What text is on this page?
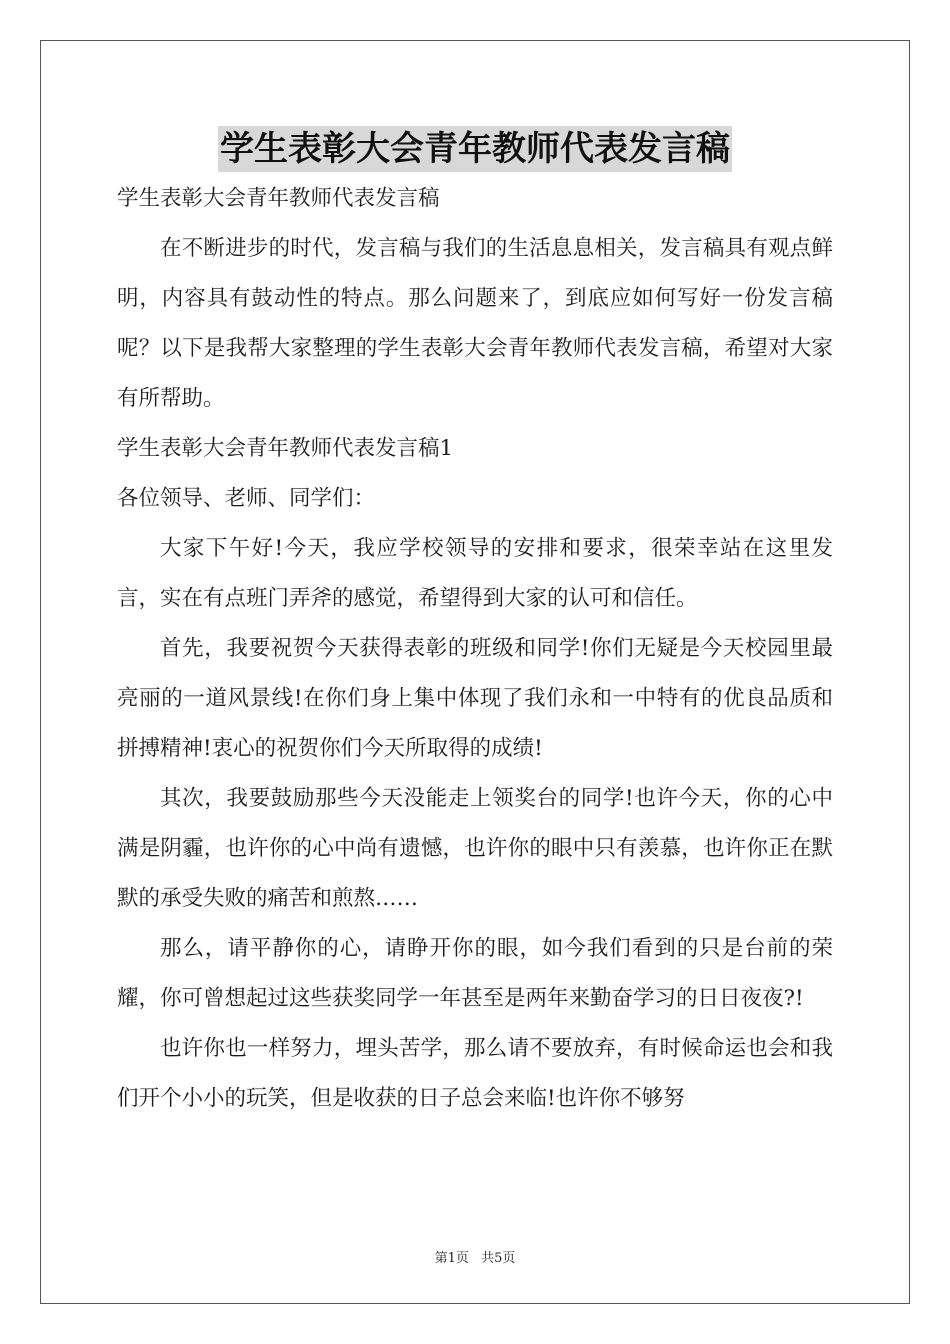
学生表彰大会青年教师代表发言稿

学生表彰大会青年教师代表发言稿

在不断进步的时代，发言稿与我们的生活息息相关，发言稿具有观点鲜明，内容具有鼓动性的特点。那么问题来了，到底应如何写好一份发言稿呢？以下是我帮大家整理的学生表彰大会青年教师代表发言稿，希望对大家有所帮助。

学生表彰大会青年教师代表发言稿1

各位领导、老师、同学们：

大家下午好!今天，我应学校领导的安排和要求，很荣幸站在这里发言，实在有点班门弄斧的感觉，希望得到大家的认可和信任。

首先，我要祝贺今天获得表彰的班级和同学!你们无疑是今天校园里最亮丽的一道风景线!在你们身上集中体现了我们永和一中特有的优良品质和拼搏精神!衷心的祝贺你们今天所取得的成绩!

其次，我要鼓励那些今天没能走上领奖台的同学!也许今天，你的心中满是阴霾，也许你的心中尚有遗憾，也许你的眼中只有羡慕，也许你正在默默的承受失败的痛苦和煎熬……

那么，请平静你的心，请睁开你的眼，如今我们看到的只是台前的荣耀，你可曾想起过这些获奖同学一年甚至是两年来勤奋学习的日日夜夜?!

也许你也一样努力，埋头苦学，那么请不要放弃，有时候命运也会和我们开个小小的玩笑，但是收获的日子总会来临!也许你不够努

第1页 共5页
